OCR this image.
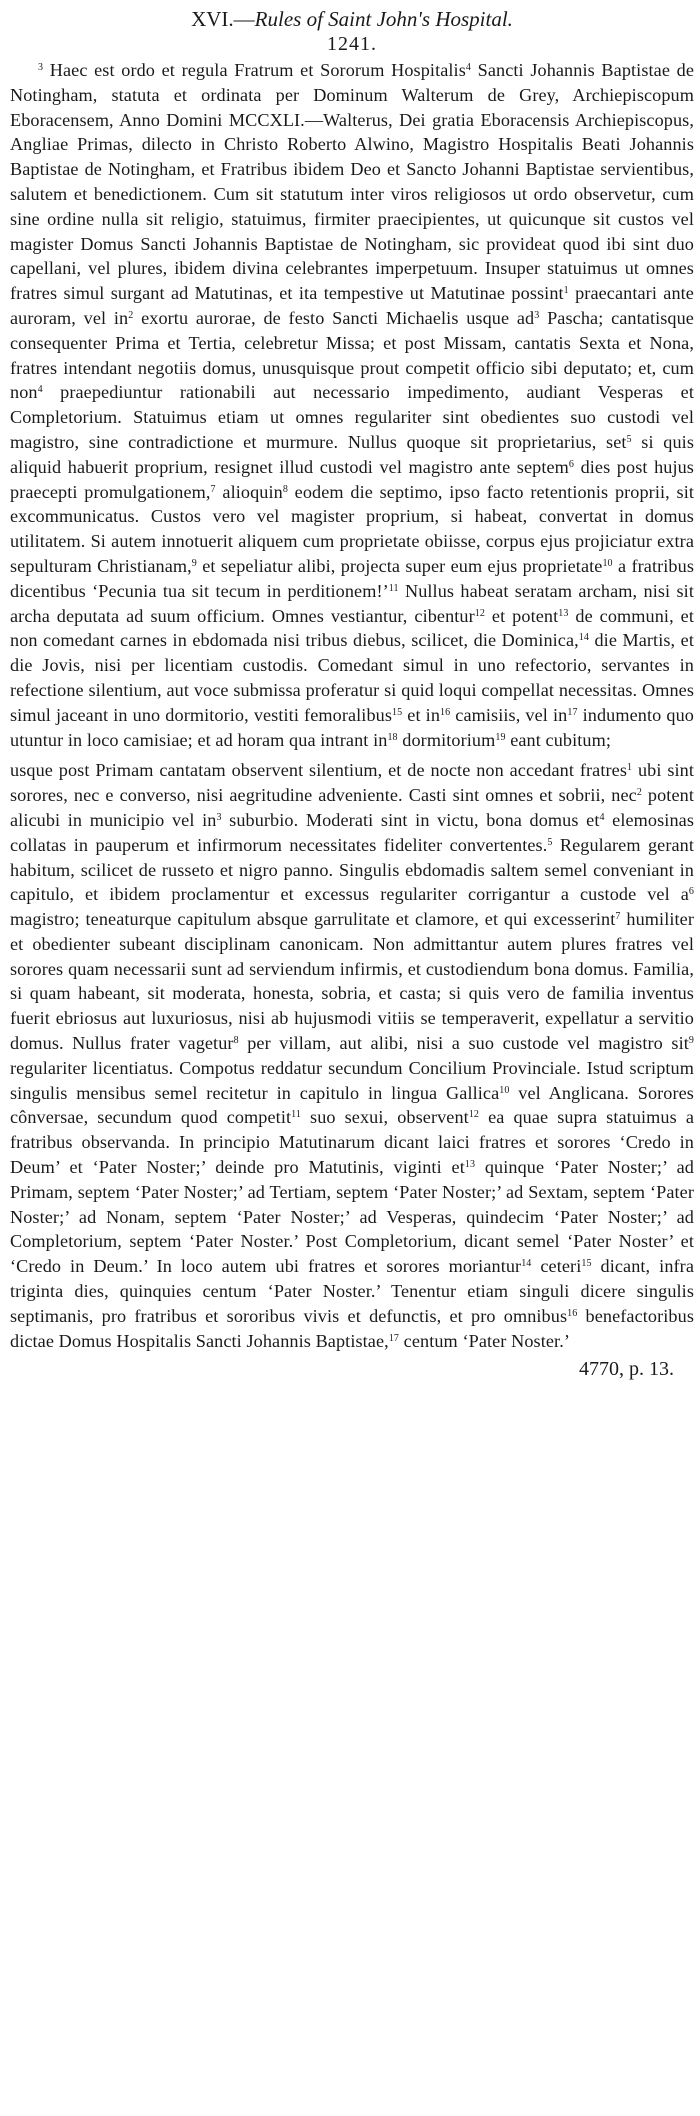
XVI.—Rules of Saint John's Hospital.
1241.

$^3$ Haec est ordo et regula Fratrum et Sororum Hospitalis$^4$ Sancti Johannis Baptistae de Notingham, statuta et ordinata per Dominum Walterum de Grey, Archiepiscopum Eboracensem, Anno Domini MCCXLI.—Walterus, Dei gratia Eboracensis Archiepiscopus, Angliae Primas, dilecto in Christo Roberto Alwino, Magistro Hospitalis Beati Johannis Baptistae de Notingham, et Fratribus ibidem Deo et Sancto Johanni Baptistae servientibus, salutem et benedictionem. Cum sit statutum inter viros religiosos ut ordo observetur, cum sine ordine nulla sit religio, statuimus, firmiter praecipientes, ut quicunque sit custos vel magister Domus Sancti Johannis Baptistae de Notingham, sic provideat quod ibi sint duo capellani, vel plures, ibidem divina celebrantes imperpetuum. Insuper statuimus ut omnes fratres simul surgant ad Matutinas, et ita tempestive ut Matutinae possint$^1$ praecantari ante auroram, vel $in^2$ exortu aurorae, de festo Sancti Michaelis usque $ad^3$ Pascha; cantatisque consequenter Prima et Tertia, celebretur Missa; et post Missam, cantatis Sexta et Nona, fratres intendant negotiis domus, unusquisque prout competit officio sibi deputato; et, cum non$^4$ praepediuntur rationabili aut necessario impedimento, audiant Vesperas et Completorium. Statuimus etiam ut omnes regulariter sint obedientes suo custodi vel magistro, sine contradictione et murmure. Nullus quoque sit proprietarius, set$^5$ si quis aliquid habuerit proprium, resignet illud custodi vel magistro ante septem$^6$ dies post hujus praecepti promulgationem,$^7$ alioquin$^8$ eodem die septimo, ipso facto retentionis proprii, sit excommunicatus. Custos vero vel magister proprium, si habeat, convertat in domus utilitatem. Si autem innotuerit aliquem cum proprietate obiisse, corpus ejus projiciatur extra sepulturam Christianam,$^9$ et sepeliatur alibi, projecta super eum ejus proprietate$^{10}$ a fratribus dicentibus ‘Pecunia tua sit tecum in perditionem!’$^{11}$ Nullus habeat seratam archam, nisi sit archa deputata ad suum officium. Omnes vestiantur, cibentur$^{12}$ et potent$^{13}$ de communi, et non comedant carnes in ebdomada nisi tribus diebus, scilicet, die Dominica,$^{14}$ die Martis, et die Jovis, nisi per licentiam custodis. Comedant simul in uno refectorio, servantes in refectione silentium, aut voce submissa proferatur si quid loqui compellat necessitas. Omnes simul jaceant in uno dormitorio, vestiti femoralibus$^{15}$ et $in^{16}$ camisiis, vel $in^{17}$ indumento quo utuntur in loco camisiae; et ad horam qua intrant $in^{18}$ dormitorium$^{19}$ eant cubitum;

usque post Primam cantatam observent silentium, et de nocte non accedant fratres$^1$ ubi sint sorores, nec e converso, nisi aegritudine adveniente. Casti sint omnes et sobrii, nec$^2$ potent alicubi in municipio vel $in^3$ suburbio. Moderati sint in victu, bona domus $et^4$ elemosinas collatas in pauperum et infirmorum necessitates fideliter convertentes.$^5$ Regularem gerant habitum, scilicet de russeto et nigro panno. Singulis ebdomadis saltem semel conveniant in capitulo, et ibidem proclamentur et excessus regulariter corrigantur a custode vel $a^6$ magistro; teneaturque capitulum absque garrulitate et clamore, et qui excesserint$^7$ humiliter et obedienter subeant disciplinam canonicam. Non admittantur autem plures fratres vel sorores quam necessarii sunt ad serviendum infirmis, et custodiendum bona domus. Familia, si quam habeant, sit moderata, honesta, sobria, et casta; si quis vero de familia inventus fuerit ebriosus aut luxuriosus, nisi ab hujusmodi vitiis se temperaverit, expellatur a servitio domus. Nullus frater vagetur$^8$ per villam, aut alibi, nisi a suo custode vel magistro sit$^9$ regulariter licentiatus. Compotus reddatur secundum Concilium Provinciale. Istud scriptum singulis mensibus semel recitetur in capitulo in lingua Gallica$^{10}$ vel Anglicana. Sorores cônversae, secundum quod competit$^{11}$ suo sexui, observent$^{12}$ ea quae supra statuimus a fratribus observanda. In principio Matutinarum dicant laici fratres et sorores ‘Credo in Deum’ et ‘Pater Noster;’ deinde pro Matutinis, viginti $et^{13}$ quinque ‘Pater Noster;’ ad Primam, septem ‘Pater Noster;’ ad Tertiam, septem ‘Pater Noster;’ ad Sextam, septem ‘Pater Noster;’ ad Nonam, septem ‘Pater Noster;’ ad Vesperas, quindecim ‘Pater Noster;’ ad Completorium, septem ‘Pater Noster.’ Post Completorium, dicant semel ‘Pater Noster’ et ‘Credo in Deum.’ In loco autem ubi fratres et sorores moriantur$^{14}$ ceteri$^{15}$ dicant, infra triginta dies, quinquies centum ‘Pater Noster.’ Tenentur etiam singuli dicere singulis septimanis, pro fratribus et sororibus vivis et defunctis, et pro omnibus$^{16}$ benefactoribus dictae Domus Hospitalis Sancti Johannis Baptistae,$^{17}$ centum ‘Pater Noster.’

4770, p. 13.
